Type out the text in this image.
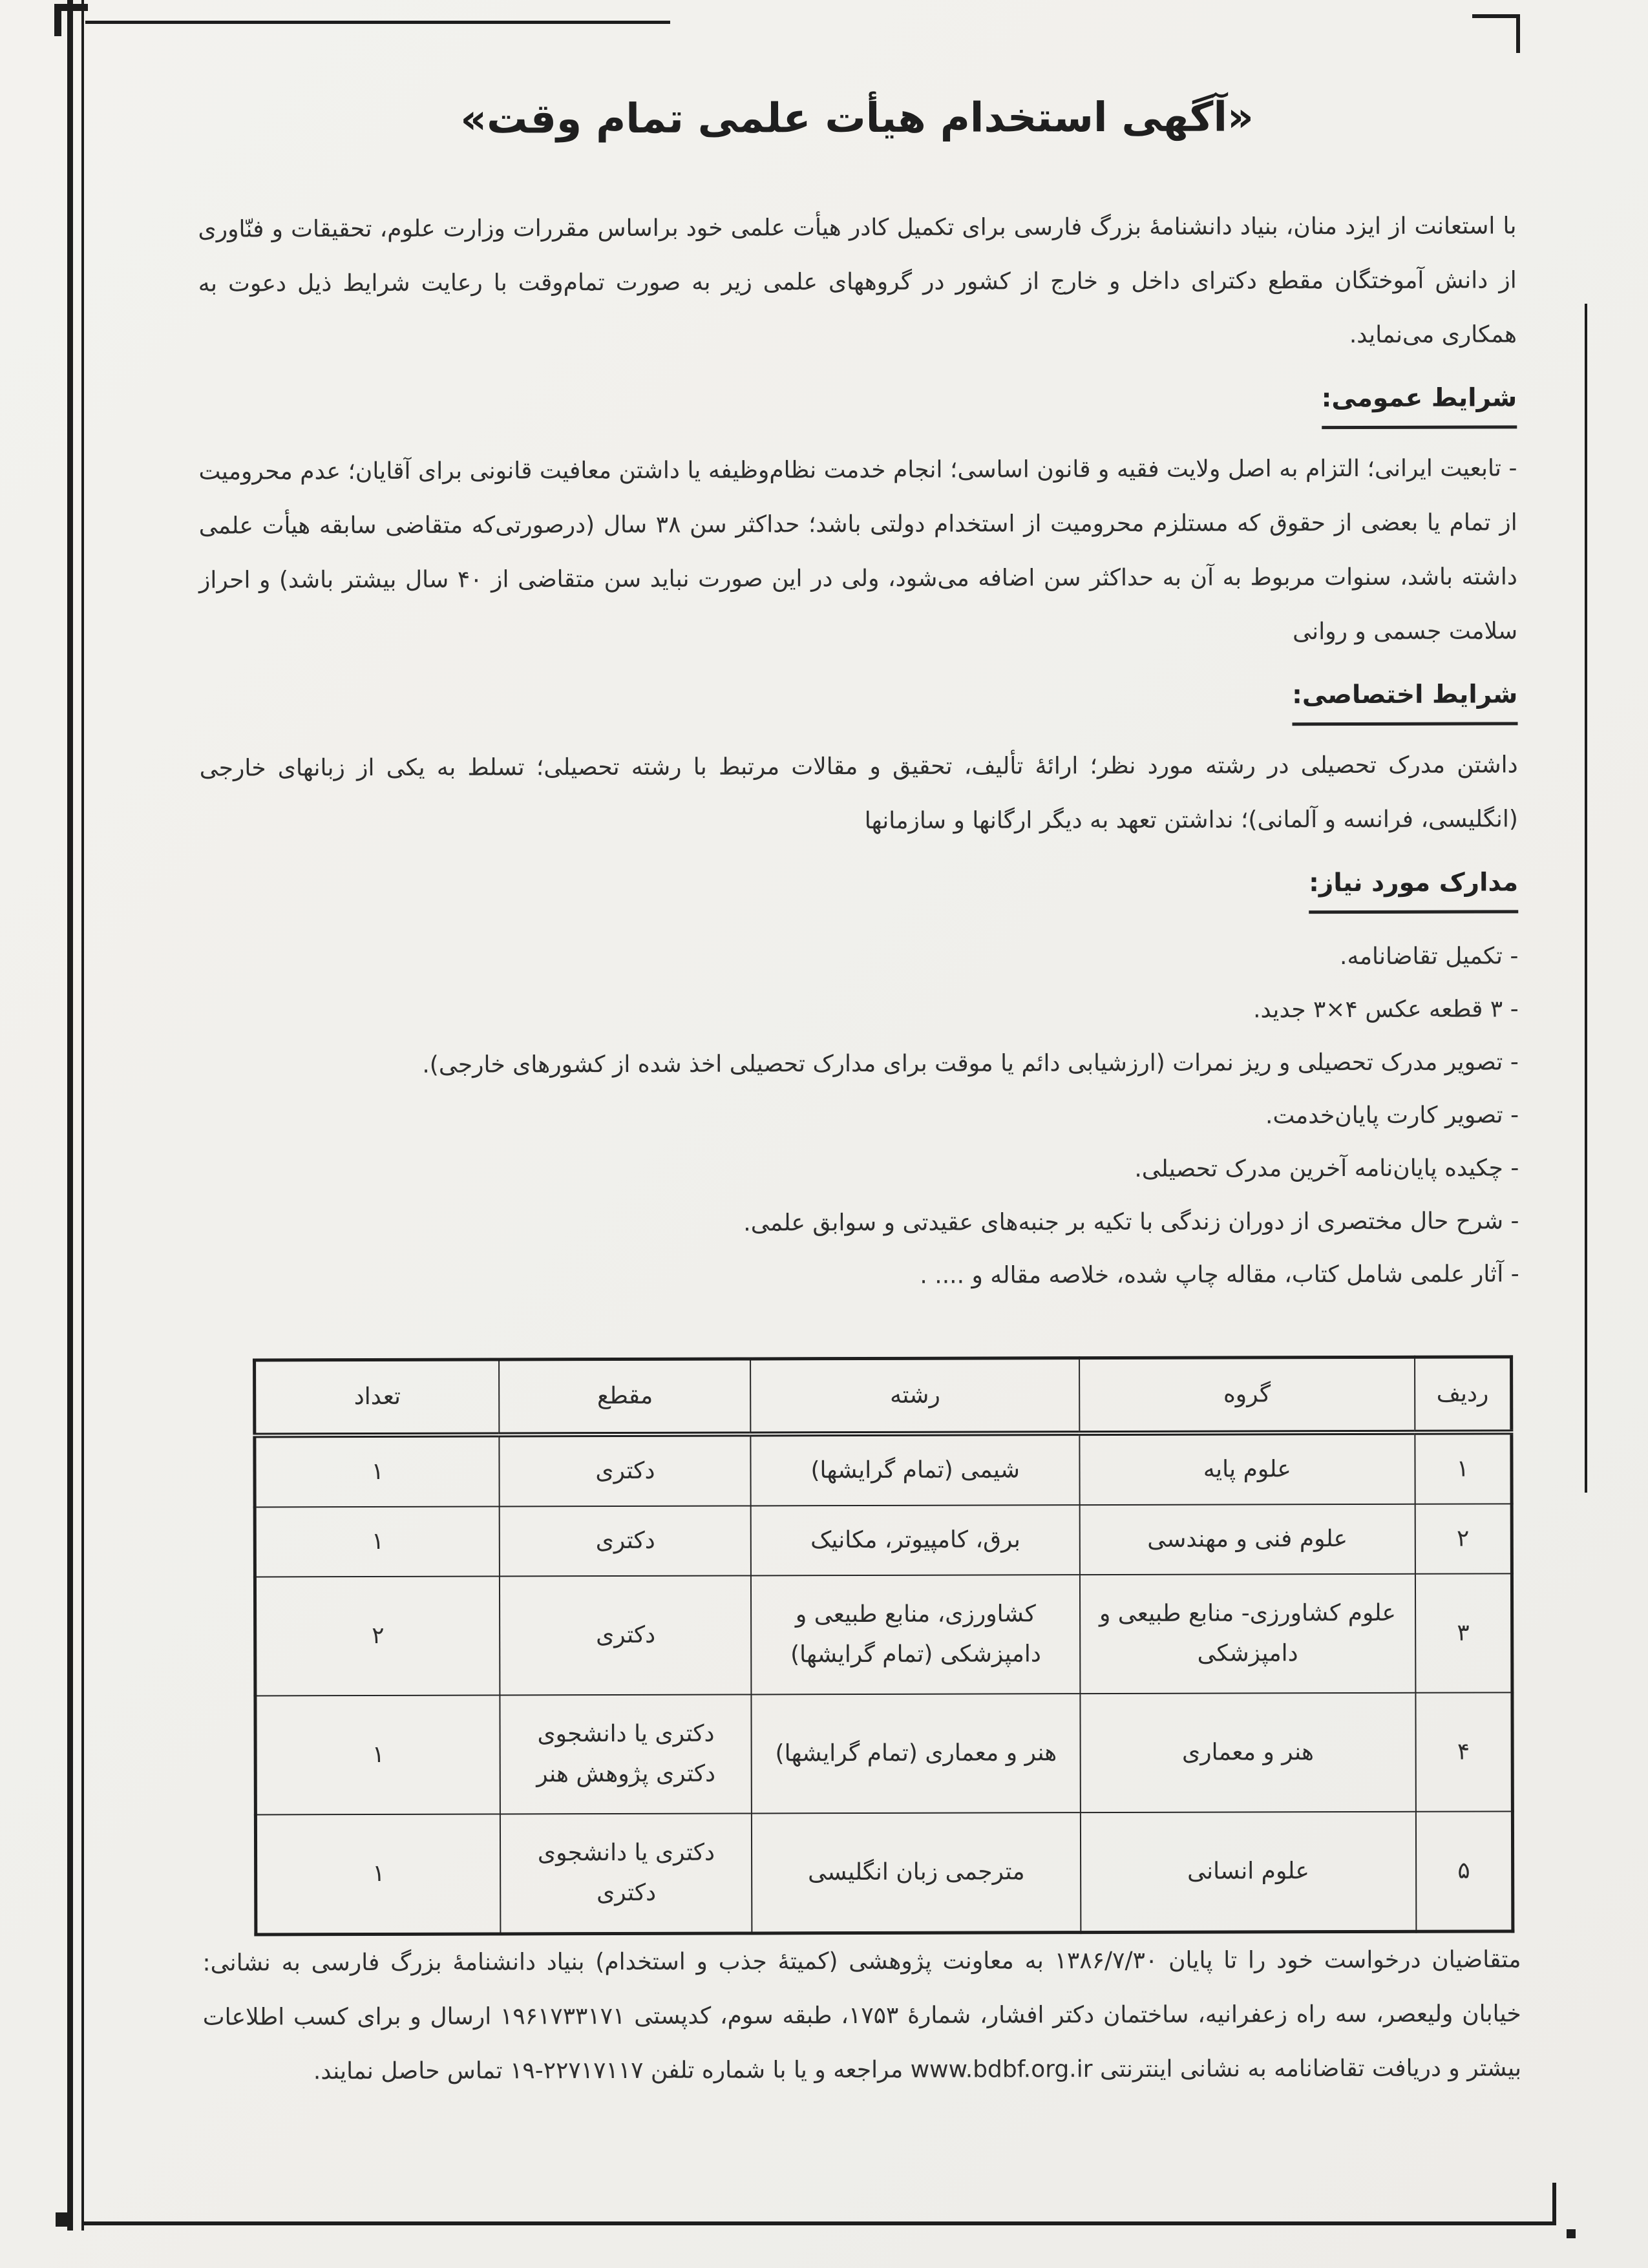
«آگهی استخدام هیأت علمی تمام وقت»

با استعانت از ایزد منان، بنیاد دانشنامۀ بزرگ فارسی برای تکمیل کادر هیأت علمی خود براساس مقررات وزارت علوم، تحقیقات و فنّاوری از دانش آموختگان مقطع دکترای داخل و خارج از کشور در گروههای علمی زیر به صورت تمام‌وقت با رعایت شرایط ذیل دعوت به همکاری می‌نماید.

شرایط عمومی:

- تابعیت ایرانی؛ التزام به اصل ولایت فقیه و قانون اساسی؛ انجام خدمت نظام‌وظیفه یا داشتن معافیت قانونی برای آقایان؛ عدم محرومیت از تمام یا بعضی از حقوق که مستلزم محرومیت از استخدام دولتی باشد؛ حداکثر سن ۳۸ سال (درصورتی‌که متقاضی سابقه هیأت علمی داشته باشد، سنوات مربوط به آن به حداکثر سن اضافه می‌شود، ولی در این صورت نباید سن متقاضی از ۴۰ سال بیشتر باشد) و احراز سلامت جسمی و روانی

شرایط اختصاصی:

داشتن مدرک تحصیلی در رشته مورد نظر؛ ارائۀ تألیف، تحقیق و مقالات مرتبط با رشته تحصیلی؛ تسلط به یکی از زبانهای خارجی (انگلیسی، فرانسه و آلمانی)؛ نداشتن تعهد به دیگر ارگانها و سازمانها

مدارک مورد نیاز:
- تکمیل تقاضانامه.
- ۳ قطعه عکس ۴×۳ جدید.
- تصویر مدرک تحصیلی و ریز نمرات (ارزشیابی دائم یا موقت برای مدارک تحصیلی اخذ شده از کشورهای خارجی).
- تصویر کارت پایان‌خدمت.
- چکیده پایان‌نامه آخرین مدرک تحصیلی.
- شرح حال مختصری از دوران زندگی با تکیه بر جنبه‌های عقیدتی و سوابق علمی.
- آثار علمی شامل کتاب، مقاله چاپ شده، خلاصه مقاله و .... .
ردیف	گروه	رشته	مقطع	تعداد
۱	علوم پایه	شیمی (تمام گرایشها)	دکتری	۱
۲	علوم فنی و مهندسی	برق، کامپیوتر، مکانیک	دکتری	۱
۳	علوم کشاورزی- منابع طبیعی و دامپزشکی	کشاورزی، منابع طبیعی و دامپزشکی (تمام گرایشها)	دکتری	۲
۴	هنر و معماری	هنر و معماری (تمام گرایشها)	دکتری یا دانشجوی دکتری پژوهش هنر	۱
۵	علوم انسانی	مترجمی زبان انگلیسی	دکتری یا دانشجوی دکتری	۱

متقاضیان درخواست خود را تا پایان ۱۳۸۶/۷/۳۰ به معاونت پژوهشی (کمیتۀ جذب و استخدام) بنیاد دانشنامۀ بزرگ فارسی به نشانی: خیابان ولیعصر، سه راه زعفرانیه، ساختمان دکتر افشار، شمارۀ ۱۷۵۳، طبقه سوم، کدپستی ۱۹۶۱۷۳۳۱۷۱ ارسال و برای کسب اطلاعات بیشتر و دریافت تقاضانامه به نشانی اینترنتی www.bdbf.org.ir مراجعه و یا با شماره تلفن ۲۲۷۱۷۱۱۷-۱۹ تماس حاصل نمایند.
